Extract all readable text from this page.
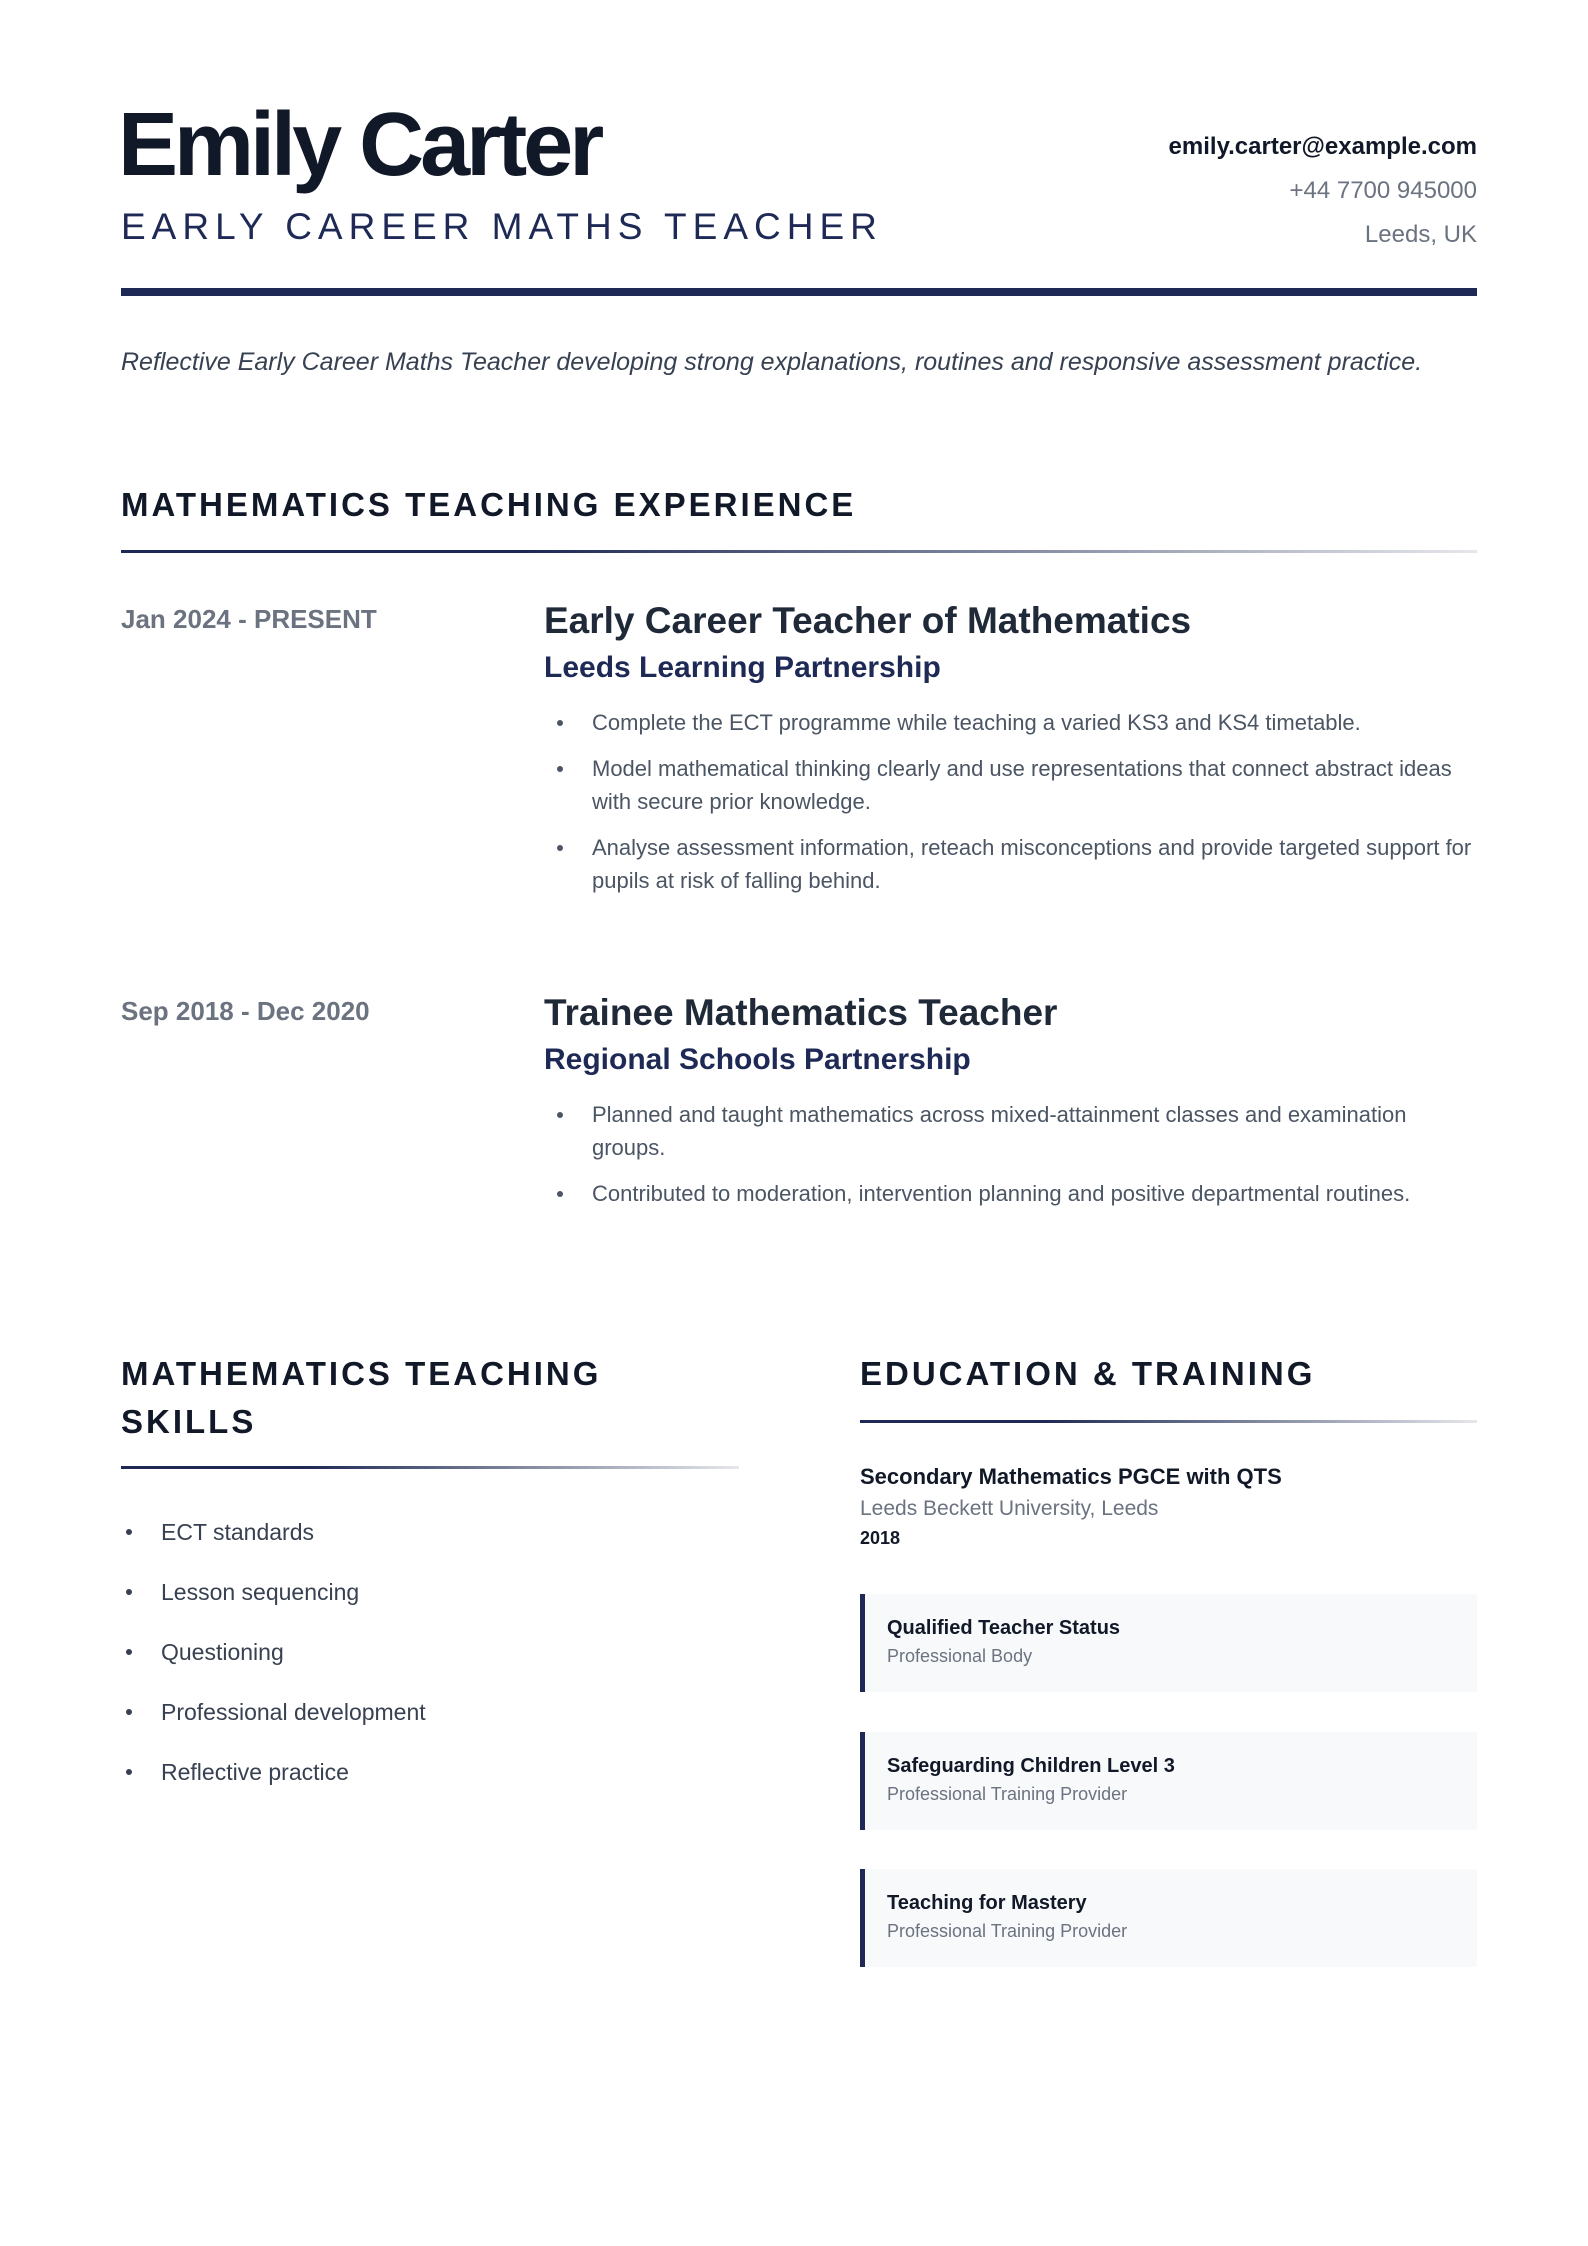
Emily Carter
EARLY CAREER MATHS TEACHER
emily.carter@example.com
+44 7700 945000
Leeds, UK
Reflective Early Career Maths Teacher developing strong explanations, routines and responsive assessment practice.
MATHEMATICS TEACHING EXPERIENCE
Jan 2024 - PRESENT	Early Career Teacher of Mathematics
Leeds Learning Partnership
Complete the ECT programme while teaching a varied KS3 and KS4 timetable.
Model mathematical thinking clearly and use representations that connect abstract ideas with secure prior knowledge.
Analyse assessment information, reteach misconceptions and provide targeted support for pupils at risk of falling behind.
Sep 2018 - Dec 2020	Trainee Mathematics Teacher
Regional Schools Partnership
Planned and taught mathematics across mixed-attainment classes and examination groups.
Contributed to moderation, intervention planning and positive departmental routines.
MATHEMATICS TEACHING
SKILLS
ECT standards
Lesson sequencing
Questioning
Professional development
Reflective practice
EDUCATION & TRAINING
Secondary Mathematics PGCE with QTS
Leeds Beckett University, Leeds
2018
Qualified Teacher Status
Professional Body
Safeguarding Children Level 3
Professional Training Provider
Teaching for Mastery
Professional Training Provider
